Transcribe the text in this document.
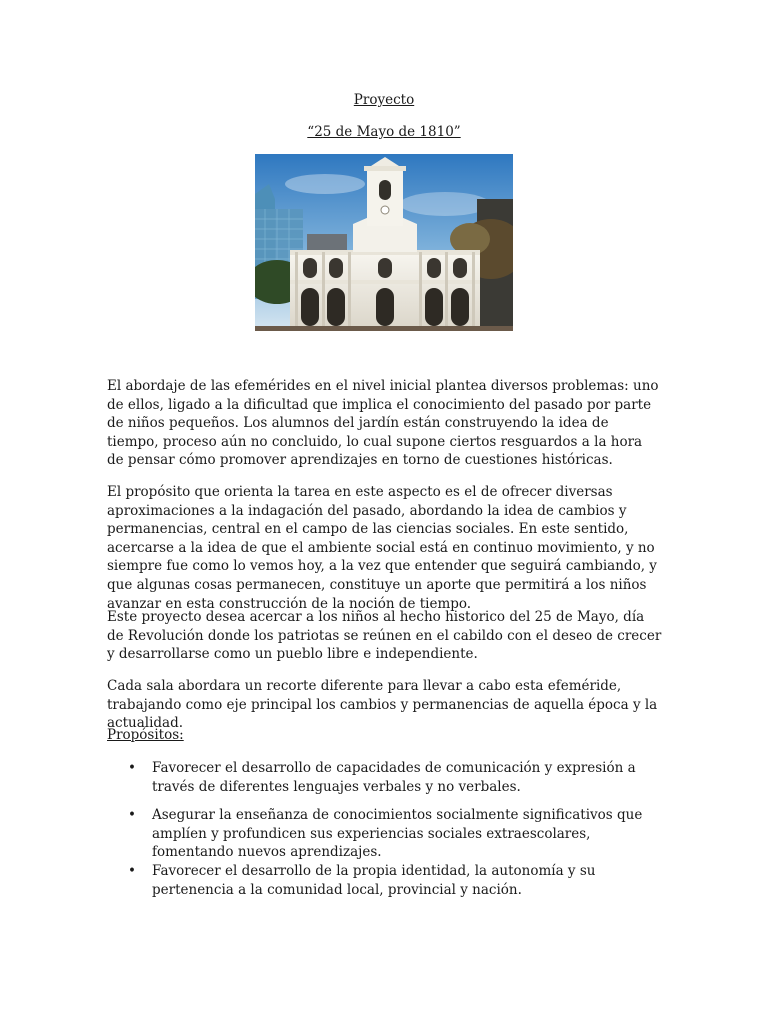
Proyecto
“25 de Mayo de 1810”

El abordaje de las efemérides en el nivel inicial plantea diversos problemas: uno de ellos, ligado a la dificultad que implica el conocimiento del pasado por parte de niños pequeños. Los alumnos del jardín están construyendo la idea de tiempo, proceso aún no concluido, lo cual supone ciertos resguardos a la hora de pensar cómo promover aprendizajes en torno de cuestiones históricas.

El propósito que orienta la tarea en este aspecto es el de ofrecer diversas aproximaciones a la indagación del pasado, abordando la idea de cambios y permanencias, central en el campo de las ciencias sociales. En este sentido, acercarse a la idea de que el ambiente social está en continuo movimiento, y no siempre fue como lo vemos hoy, a la vez que entender que seguirá cambiando, y que algunas cosas permanecen, constituye un aporte que permitirá a los niños avanzar en esta construcción de la noción de tiempo.

Este proyecto desea acercar a los niños al hecho historico del 25 de Mayo, día de Revolución donde los patriotas se reúnen en el cabildo con el deseo de crecer y desarrollarse como un pueblo libre e independiente.

Cada sala abordara un recorte diferente para llevar a cabo esta efeméride, trabajando como eje principal los cambios y permanencias de aquella época y la actualidad.

Propósitos:
•	Favorecer el desarrollo de capacidades de comunicación y expresión a través de diferentes lenguajes verbales y no verbales.
•	Asegurar la enseñanza de conocimientos socialmente significativos que amplíen y profundicen sus experiencias sociales extraescolares, fomentando nuevos aprendizajes.
•	Favorecer el desarrollo de la propia identidad, la autonomía y su pertenencia a la comunidad local, provincial y nación.
